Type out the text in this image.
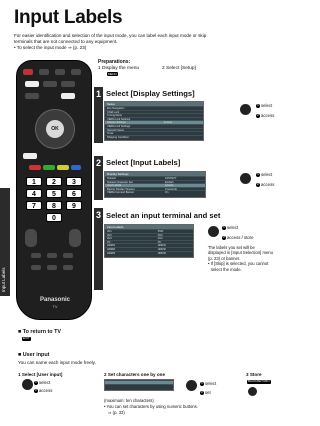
Input Labels
Input Labels
For easier identification and selection of the input mode, you can label each input mode or skip
terminals that are not connected to any equipment.
• To select the input mode ⇒ (p. 23)
OK
1	2	3
4	5	6
7	8	9
0
Panasonic
TV
Preparations:
1 Display the menu
MENU
2 Select [Setup]
1 Select [Display Settings]
Setup
Eco Navigation
Child Lock
Tuning Menu
VIERA Link Settings
Display Settings	Access
VIERA Link Settings
Network Setup
Timer
Shipping Condition
1 select
2 access
2 Select [Input Labels]
Display Settings
Teletext	FASTEXT
Teletext Character Set	English
Input Labels	Access
Banner Display Timeout	3 seconds
VIERA Connect Banner	On
1 select
2 access
3 Select an input terminal and set
Input Labels
AV1	DVD
AV2	AV2
AV3	AV3
PC	PC
HDMI1	HDMI1
HDMI2	HDMI2
HDMI3	HDMI3
1 select
2 access / store
The labels you set will be
displayed in [Input Selection] menu
(p. 23) or banner.
• If [Skip] is selected, you cannot
select the mode.
■ To return to TV
EXIT
■ User input
You can name each input mode freely.
1 Select [User input]
1 select
2 access
2 Set characters one by one
1 select
2 set
(maximum: ten characters)
• You can set characters by using numeric buttons.
⇒ (p. 33)
3 Store
BACK/RETURN
